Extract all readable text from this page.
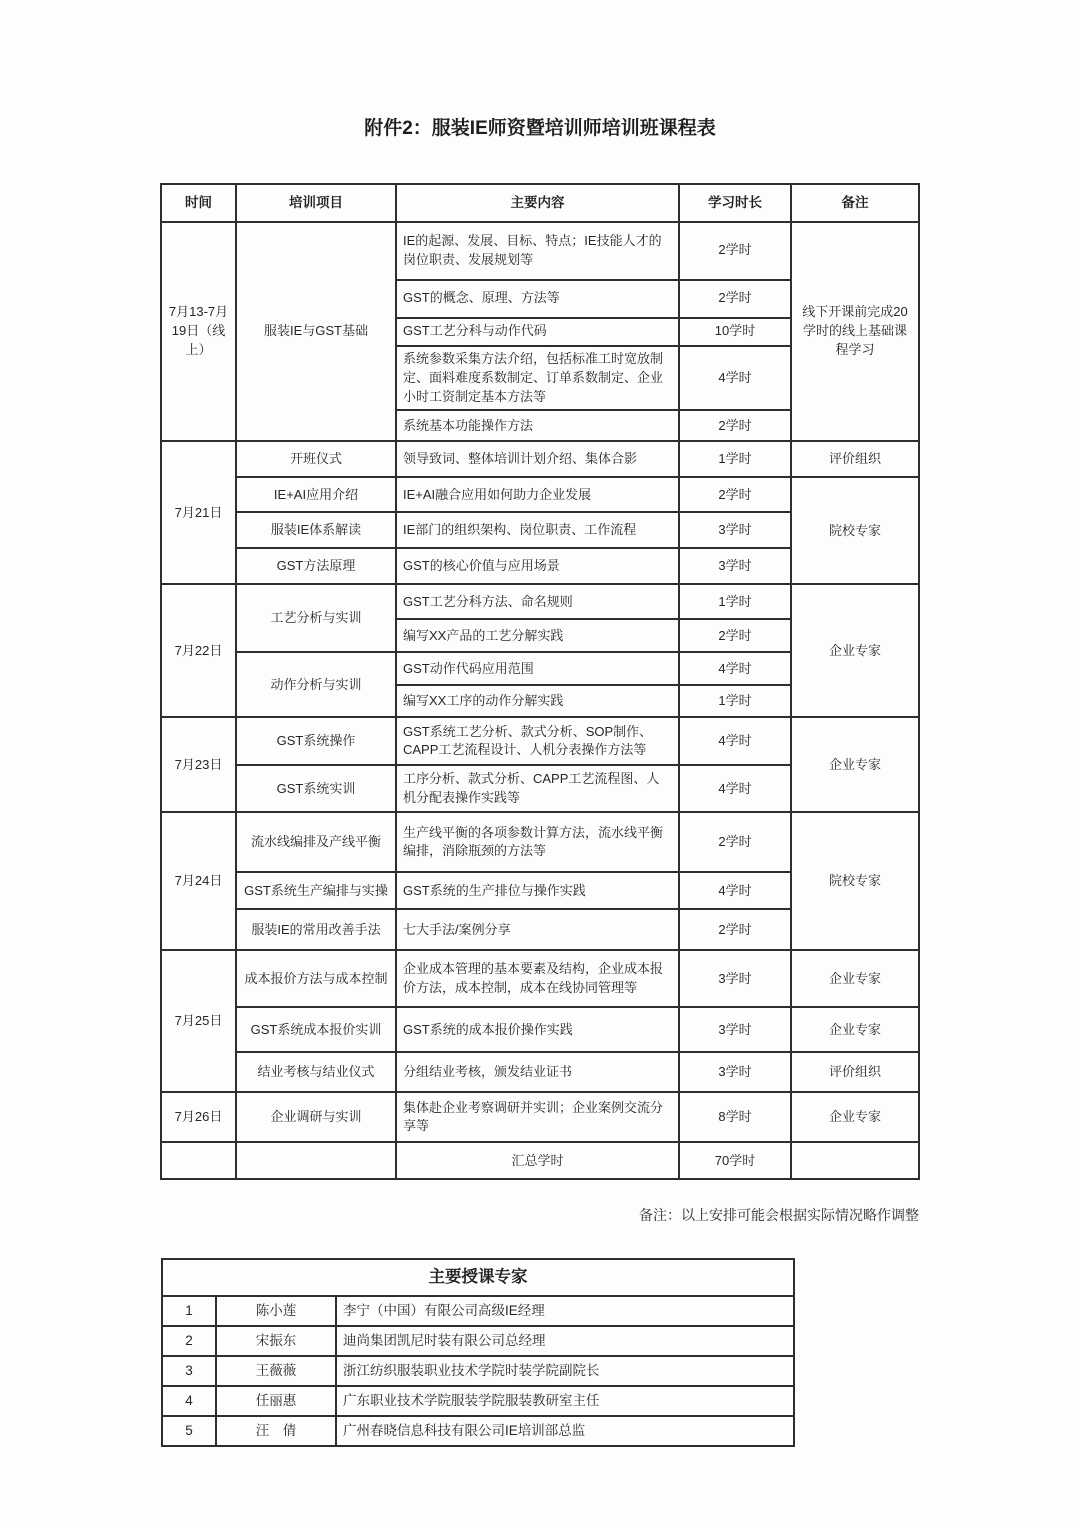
附件2：服装IE师资暨培训师培训班课程表
时间	培训项目	主要内容	学习时长	备注
7月13-7月19日（线上）	服装IE与GST基础	IE的起源、发展、目标、特点；IE技能人才的岗位职责、发展规划等	2学时	线下开课前完成20学时的线上基础课程学习
		GST的概念、原理、方法等	2学时	
		GST工艺分科与动作代码	10学时	
		系统参数采集方法介绍，包括标准工时宽放制定、面料难度系数制定、订单系数制定、企业小时工资制定基本方法等	4学时	
		系统基本功能操作方法	2学时	
7月21日	开班仪式	领导致词、整体培训计划介绍、集体合影	1学时	评价组织
	IE+AI应用介绍	IE+AI融合应用如何助力企业发展	2学时	院校专家
	服装IE体系解读	IE部门的组织架构、岗位职责、工作流程	3学时	
	GST方法原理	GST的核心价值与应用场景	3学时	
7月22日	工艺分析与实训	GST工艺分科方法、命名规则	1学时	企业专家
		编写XX产品的工艺分解实践	2学时	
	动作分析与实训	GST动作代码应用范围	4学时	
		编写XX工序的动作分解实践	1学时	
7月23日	GST系统操作	GST系统工艺分析、款式分析、SOP制作、CAPP工艺流程设计、人机分表操作方法等	4学时	企业专家
	GST系统实训	工序分析、款式分析、CAPP工艺流程图、人机分配表操作实践等	4学时	
7月24日	流水线编排及产线平衡	生产线平衡的各项参数计算方法，流水线平衡编排，消除瓶颈的方法等	2学时	院校专家
	GST系统生产编排与实操	GST系统的生产排位与操作实践	4学时	
	服装IE的常用改善手法	七大手法/案例分享	2学时	
7月25日	成本报价方法与成本控制	企业成本管理的基本要素及结构，企业成本报价方法，成本控制，成本在线协同管理等	3学时	企业专家
	GST系统成本报价实训	GST系统的成本报价操作实践	3学时	企业专家
	结业考核与结业仪式	分组结业考核，颁发结业证书	3学时	评价组织
7月26日	企业调研与实训	集体赴企业考察调研并实训；企业案例交流分享等	8学时	企业专家
		汇总学时	70学时	
备注：以上安排可能会根据实际情况略作调整
主要授课专家		
1	陈小莲	李宁（中国）有限公司高级IE经理
2	宋振东	迪尚集团凯尼时装有限公司总经理
3	王薇薇	浙江纺织服装职业技术学院时装学院副院长
4	任丽惠	广东职业技术学院服装学院服装教研室主任
5	汪　倩	广州春晓信息科技有限公司IE培训部总监
